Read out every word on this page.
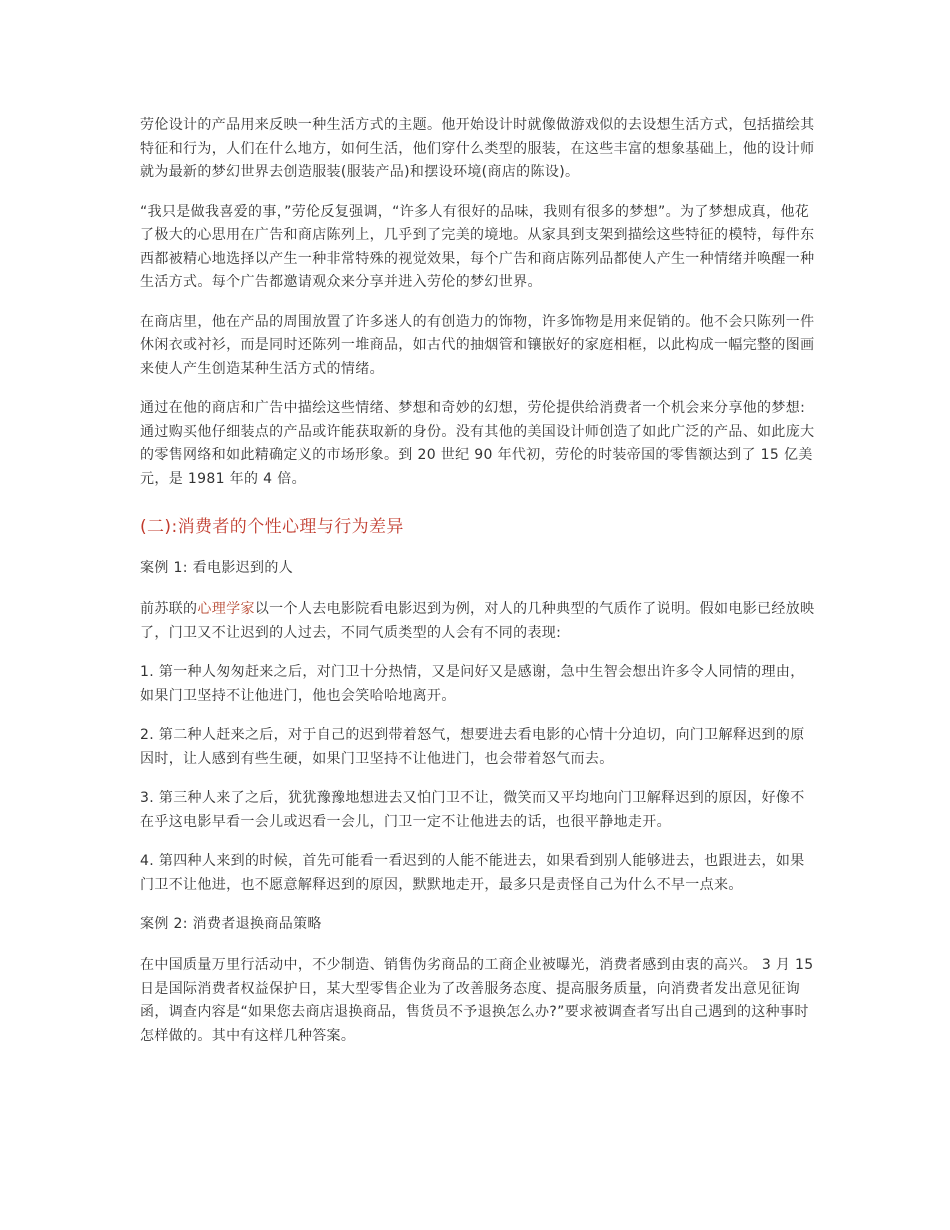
劳伦设计的产品用来反映一种生活方式的主题。他开始设计时就像做游戏似的去设想生活方式，包括描绘其特征和行为，人们在什么地方，如何生活，他们穿什么类型的服装，在这些丰富的想象基础上，他的设计师就为最新的梦幻世界去创造服装(服装产品)和摆设环境(商店的陈设)。

“我只是做我喜爱的事，”劳伦反复强调，“许多人有很好的品味，我则有很多的梦想”。为了梦想成真，他花了极大的心思用在广告和商店陈列上，几乎到了完美的境地。从家具到支架到描绘这些特征的模特，每件东西都被精心地选择以产生一种非常特殊的视觉效果，每个广告和商店陈列品都使人产生一种情绪并唤醒一种生活方式。每个广告都邀请观众来分享并进入劳伦的梦幻世界。

在商店里，他在产品的周围放置了许多迷人的有创造力的饰物，许多饰物是用来促销的。他不会只陈列一件休闲衣或衬衫，而是同时还陈列一堆商品，如古代的抽烟管和镶嵌好的家庭相框，以此构成一幅完整的图画来使人产生创造某种生活方式的情绪。

通过在他的商店和广告中描绘这些情绪、梦想和奇妙的幻想，劳伦提供给消费者一个机会来分享他的梦想:通过购买他仔细装点的产品或许能获取新的身份。没有其他的美国设计师创造了如此广泛的产品、如此庞大的零售网络和如此精确定义的市场形象。到 20 世纪 90 年代初，劳伦的时装帝国的零售额达到了 15 亿美元，是 1981 年的 4 倍。

(二):消费者的个性心理与行为差异

案例 1: 看电影迟到的人

前苏联的心理学家以一个人去电影院看电影迟到为例，对人的几种典型的气质作了说明。假如电影已经放映了，门卫又不让迟到的人过去，不同气质类型的人会有不同的表现:

1. 第一种人匆匆赶来之后，对门卫十分热情，又是问好又是感谢，急中生智会想出许多令人同情的理由，如果门卫坚持不让他进门，他也会笑哈哈地离开。

2. 第二种人赶来之后，对于自己的迟到带着怒气，想要进去看电影的心情十分迫切，向门卫解释迟到的原因时，让人感到有些生硬，如果门卫坚持不让他进门，也会带着怒气而去。

3. 第三种人来了之后，犹犹豫豫地想进去又怕门卫不让，微笑而又平均地向门卫解释迟到的原因，好像不在乎这电影早看一会儿或迟看一会儿，门卫一定不让他进去的话，也很平静地走开。

4. 第四种人来到的时候，首先可能看一看迟到的人能不能进去，如果看到别人能够进去，也跟进去，如果门卫不让他进，也不愿意解释迟到的原因，默默地走开，最多只是责怪自己为什么不早一点来。

案例 2: 消费者退换商品策略

在中国质量万里行活动中，不少制造、销售伪劣商品的工商企业被曝光，消费者感到由衷的高兴。 3 月 15 日是国际消费者权益保护日，某大型零售企业为了改善服务态度、提高服务质量，向消费者发出意见征询函，调查内容是“如果您去商店退换商品，售货员不予退换怎么办?”要求被调查者写出自己遇到的这种事时怎样做的。其中有这样几种答案。
